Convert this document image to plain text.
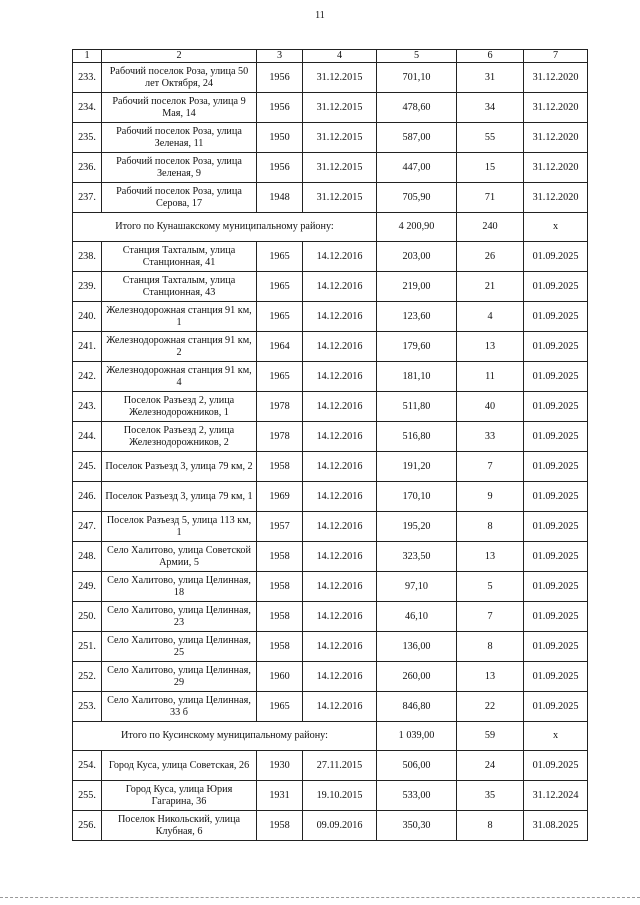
11
1	2	3	4	5	6	7
233.	Рабочий поселок Роза, улица 50 лет Октября, 24	1956	31.12.2015	701,10	31	31.12.2020
234.	Рабочий поселок Роза, улица 9 Мая, 14	1956	31.12.2015	478,60	34	31.12.2020
235.	Рабочий поселок Роза, улица Зеленая, 11	1950	31.12.2015	587,00	55	31.12.2020
236.	Рабочий поселок Роза, улица Зеленая, 9	1956	31.12.2015	447,00	15	31.12.2020
237.	Рабочий поселок Роза, улица Серова, 17	1948	31.12.2015	705,90	71	31.12.2020
Итого по Кунашакскому муниципальному району:				4 200,90	240	x
238.	Станция Тахталым, улица Станционная, 41	1965	14.12.2016	203,00	26	01.09.2025
239.	Станция Тахталым, улица Станционная, 43	1965	14.12.2016	219,00	21	01.09.2025
240.	Железнодорожная станция 91 км, 1	1965	14.12.2016	123,60	4	01.09.2025
241.	Железнодорожная станция 91 км, 2	1964	14.12.2016	179,60	13	01.09.2025
242.	Железнодорожная станция 91 км, 4	1965	14.12.2016	181,10	11	01.09.2025
243.	Поселок Разъезд 2, улица Железнодорожников, 1	1978	14.12.2016	511,80	40	01.09.2025
244.	Поселок Разъезд 2, улица Железнодорожников, 2	1978	14.12.2016	516,80	33	01.09.2025
245.	Поселок Разъезд 3, улица 79 км, 2	1958	14.12.2016	191,20	7	01.09.2025
246.	Поселок Разъезд 3, улица 79 км, 1	1969	14.12.2016	170,10	9	01.09.2025
247.	Поселок Разъезд 5, улица 113 км, 1	1957	14.12.2016	195,20	8	01.09.2025
248.	Село Халитово, улица Советской Армии, 5	1958	14.12.2016	323,50	13	01.09.2025
249.	Село Халитово, улица Целинная, 18	1958	14.12.2016	97,10	5	01.09.2025
250.	Село Халитово, улица Целинная, 23	1958	14.12.2016	46,10	7	01.09.2025
251.	Село Халитово, улица Целинная, 25	1958	14.12.2016	136,00	8	01.09.2025
252.	Село Халитово, улица Целинная, 29	1960	14.12.2016	260,00	13	01.09.2025
253.	Село Халитово, улица Целинная, 33 б	1965	14.12.2016	846,80	22	01.09.2025
Итого по Кусинскому муниципальному району:				1 039,00	59	x
254.	Город Куса, улица Советская, 26	1930	27.11.2015	506,00	24	01.09.2025
255.	Город Куса, улица Юрия Гагарина, 36	1931	19.10.2015	533,00	35	31.12.2024
256.	Поселок Никольский, улица Клубная, 6	1958	09.09.2016	350,30	8	31.08.2025
